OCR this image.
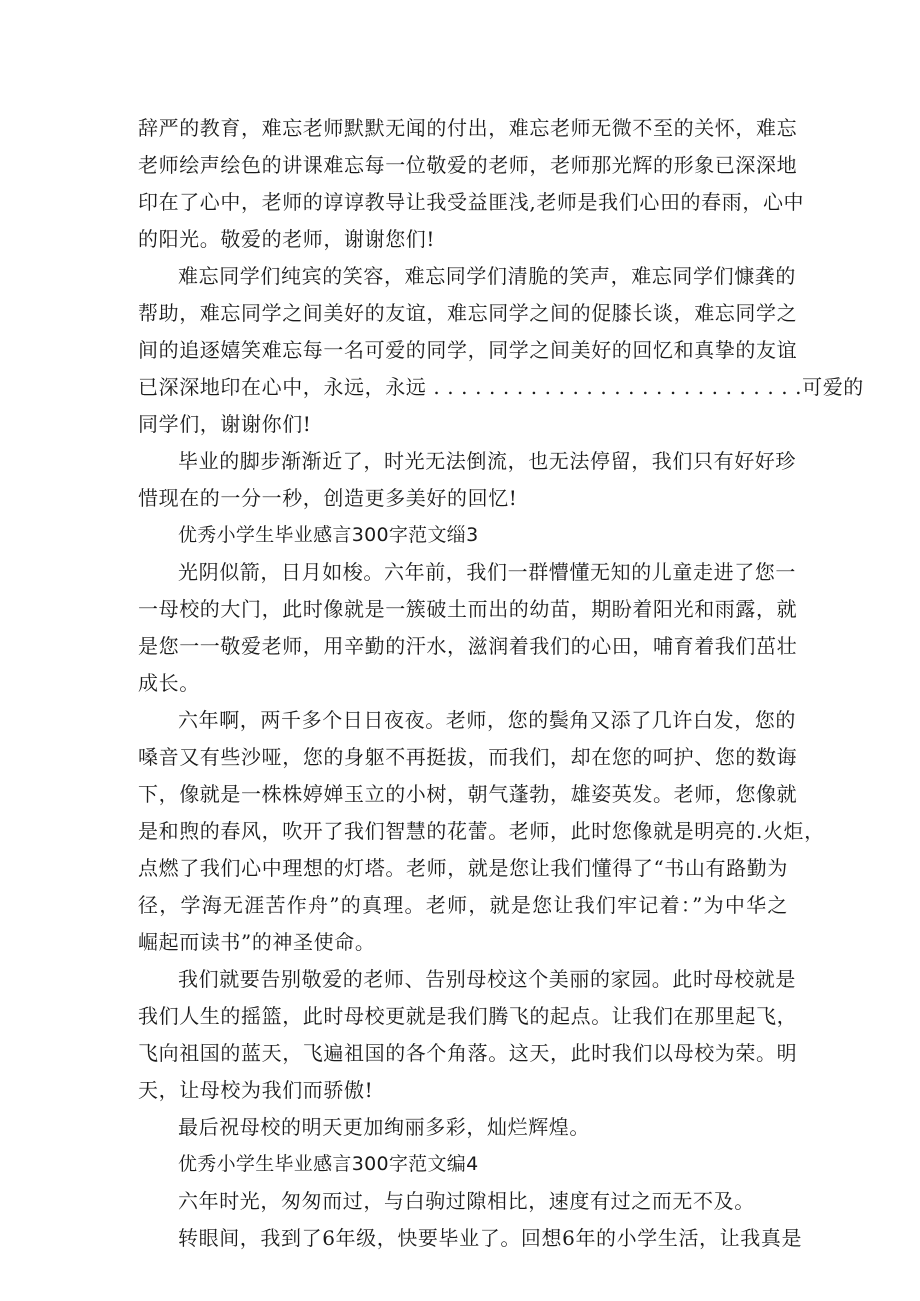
辞严的教育，难忘老师默默无闻的付出，难忘老师无微不至的关怀，难忘
老师绘声绘色的讲课难忘每一位敬爱的老师，老师那光辉的形象已深深地
印在了心中，老师的谆谆教导让我受益匪浅,老师是我们心田的春雨，心中
的阳光。敬爱的老师，谢谢您们!
难忘同学们纯宾的笑容，难忘同学们清脆的笑声，难忘同学们慷龚的
帮助，难忘同学之间美好的友谊，难忘同学之间的促膝长谈，难忘同学之
间的追逐嬉笑难忘每一名可爱的同学，同学之间美好的回忆和真挚的友谊
已深深地印在心中，永远，永远 . . . . . . . . . . . . . . . . . . . . . . . . . . .可爱的
同学们，谢谢你们!
毕业的脚步渐渐近了，时光无法倒流，也无法停留，我们只有好好珍
惜现在的一分一秒，创造更多美好的回忆!
优秀小学生毕业感言300字范文缁3
光阴似箭，日月如梭。六年前，我们一群懵懂无知的儿童走进了您一
一母校的大门，此时像就是一簇破土而出的幼苗，期盼着阳光和雨露，就
是您一一敬爱老师，用辛勤的汗水，滋润着我们的心田，哺育着我们茁壮
成长。
六年啊，两千多个日日夜夜。老师，您的鬓角又添了几许白发，您的
嗓音又有些沙哑，您的身躯不再挺拔，而我们，却在您的呵护、您的数诲
下，像就是一株株婷婵玉立的小树，朝气蓬勃，雄姿英发。老师，您像就
是和煦的春风，吹开了我们智慧的花蕾。老师，此时您像就是明亮的.火炬，
点燃了我们心中理想的灯塔。老师，就是您让我们懂得了“书山有路勤为
径，学海无涯苦作舟”的真理。老师，就是您让我们牢记着：”为中华之
崛起而读书”的神圣使命。
我们就要告别敬爱的老师、告别母校这个美丽的家园。此时母校就是
我们人生的摇篮，此时母校更就是我们腾飞的起点。让我们在那里起飞，
飞向祖国的蓝天，飞遍祖国的各个角落。这天，此时我们以母校为荣。明
天，让母校为我们而骄傲!
最后祝母校的明天更加绚丽多彩，灿烂辉煌。
优秀小学生毕业感言300字范文编4
六年时光，匆匆而过，与白驹过隙相比，速度有过之而无不及。
转眼间，我到了6年级，快要毕业了。回想6年的小学生活，让我真是
